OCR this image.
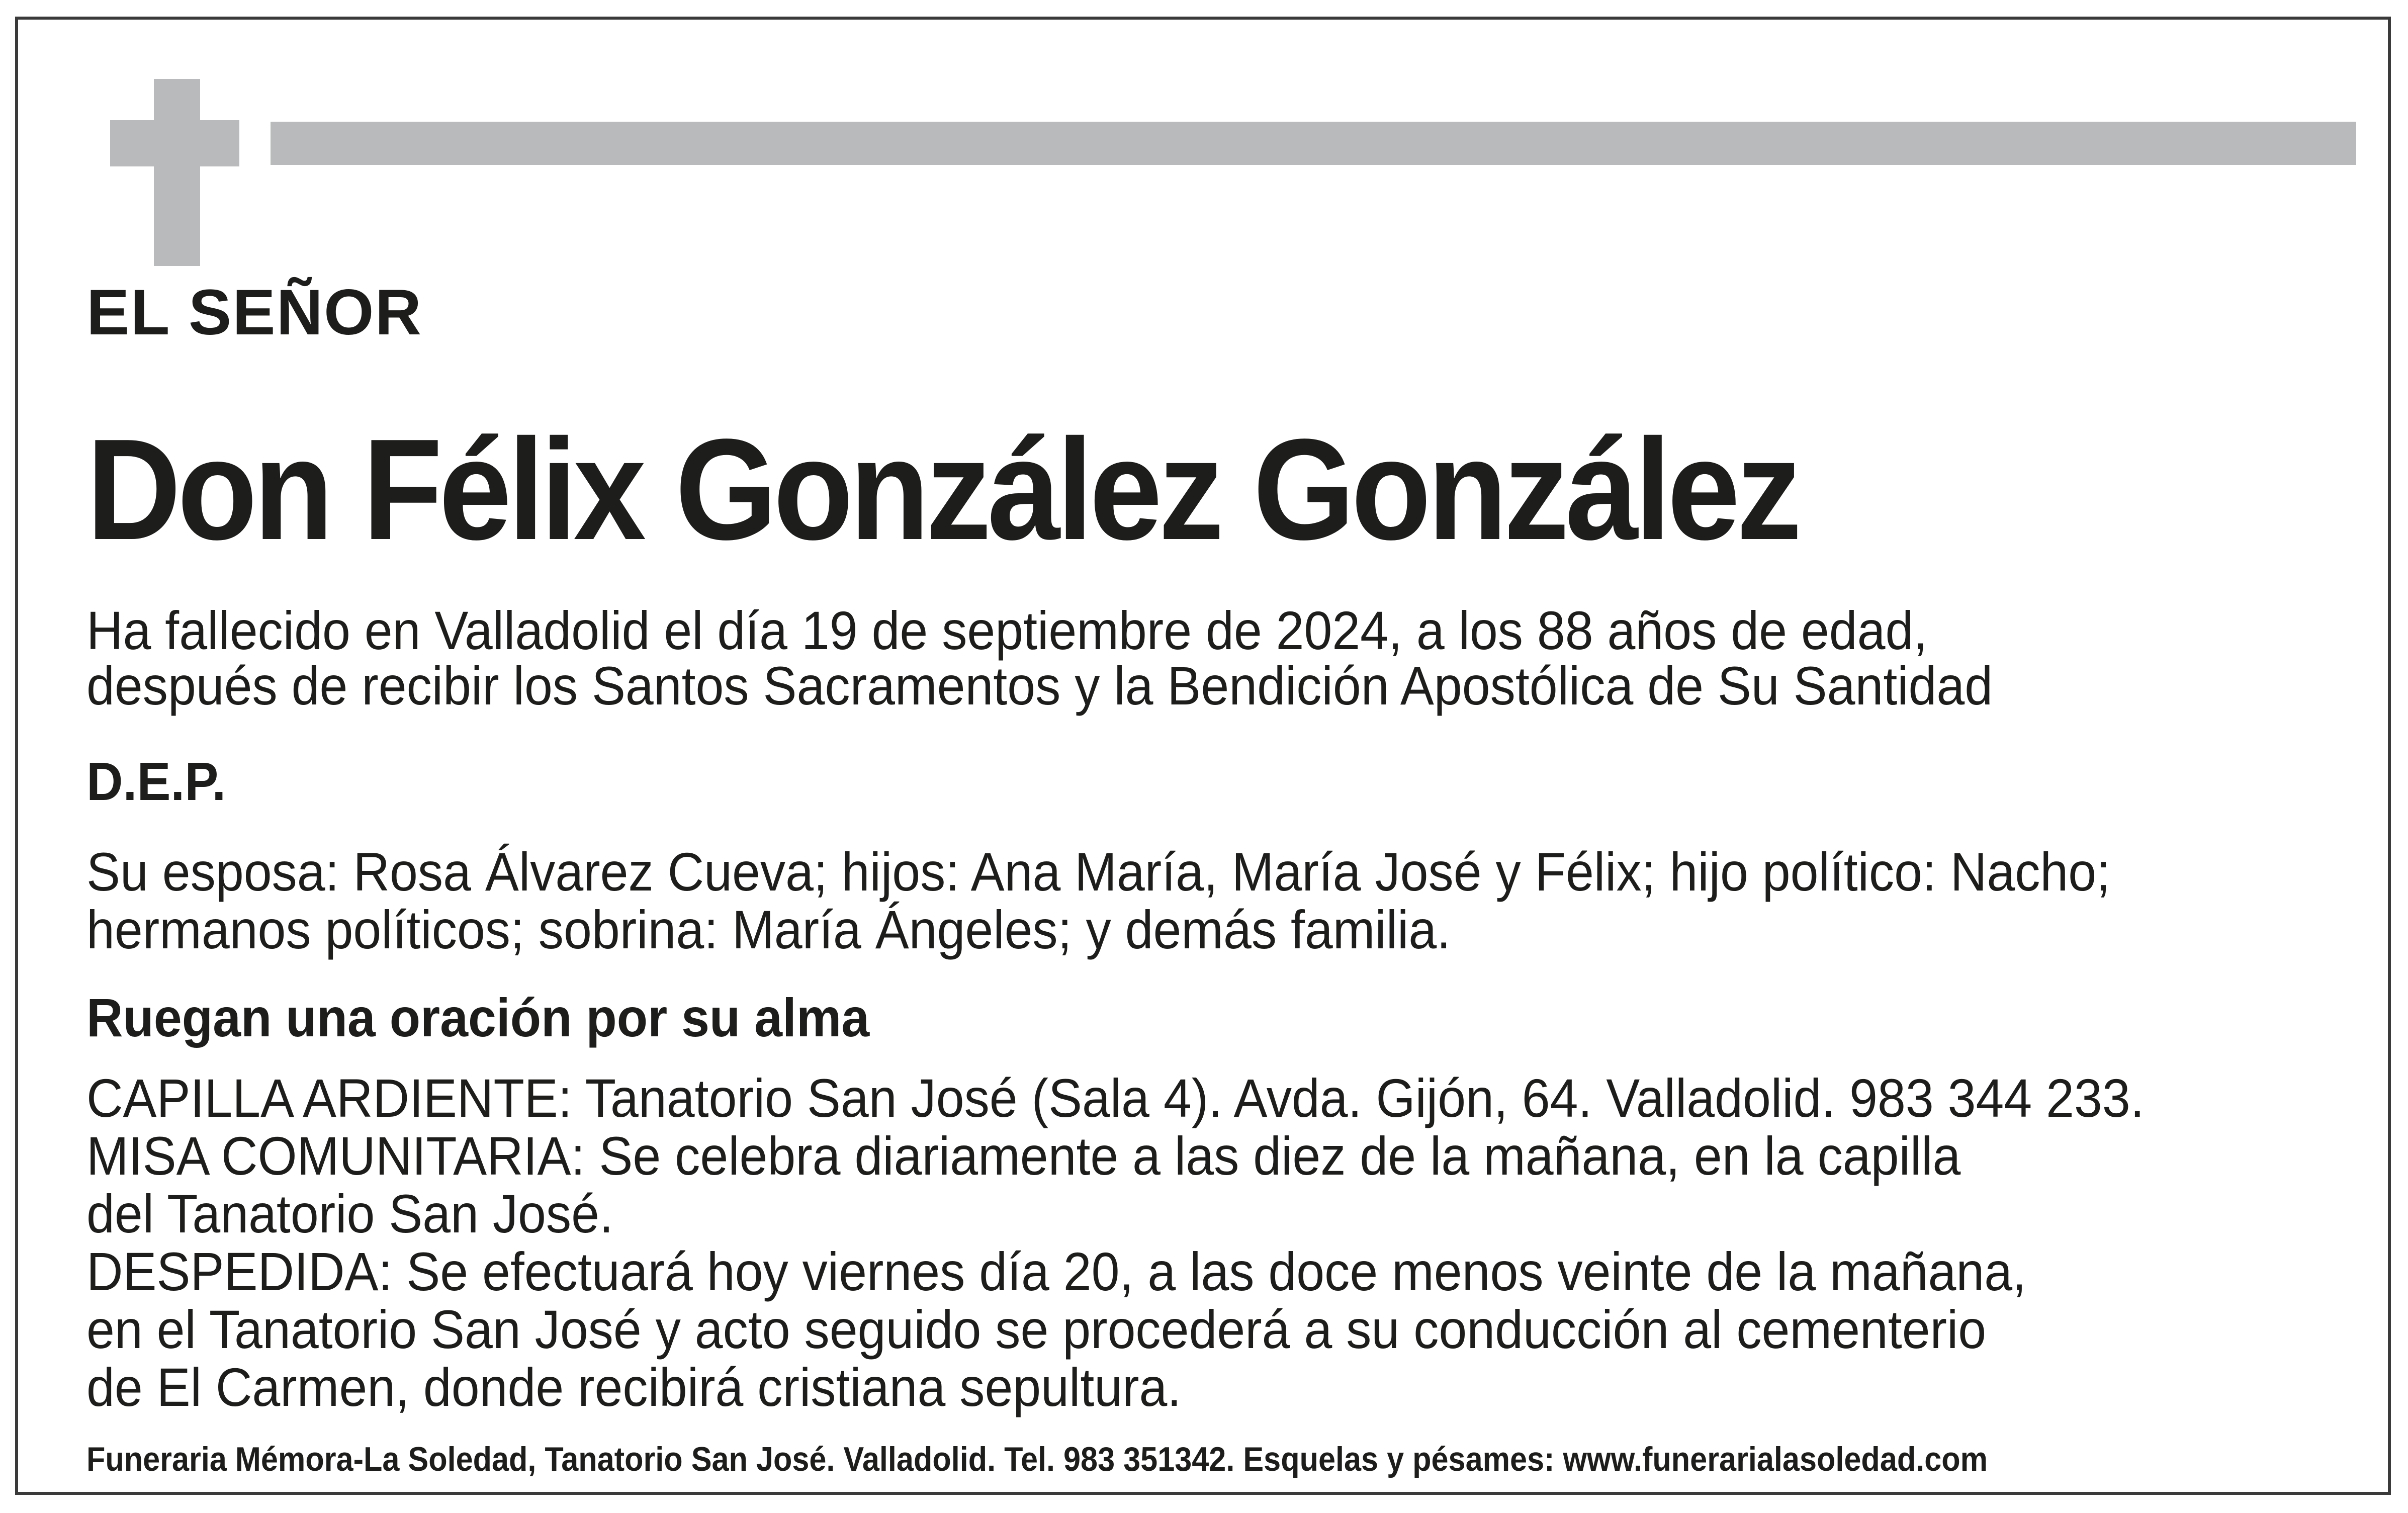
EL SEÑOR
Don Félix González González
Ha fallecido en Valladolid el día 19 de septiembre de 2024, a los 88 años de edad,
después de recibir los Santos Sacramentos y la Bendición Apostólica de Su Santidad
D.E.P.
Su esposa: Rosa Álvarez Cueva; hijos: Ana María, María José y Félix; hijo político: Nacho;
hermanos políticos; sobrina: María Ángeles; y demás familia.
Ruegan una oración por su alma
CAPILLA ARDIENTE: Tanatorio San José (Sala 4). Avda. Gijón, 64. Valladolid. 983 344 233.
MISA COMUNITARIA: Se celebra diariamente a las diez de la mañana, en la capilla
del Tanatorio San José.
DESPEDIDA: Se efectuará hoy viernes día 20, a las doce menos veinte de la mañana,
en el Tanatorio San José y acto seguido se procederá a su conducción al cementerio
de El Carmen, donde recibirá cristiana sepultura.
Funeraria Mémora-La Soledad, Tanatorio San José. Valladolid. Tel. 983 351342. Esquelas y pésames: www.funerarialasoledad.com
